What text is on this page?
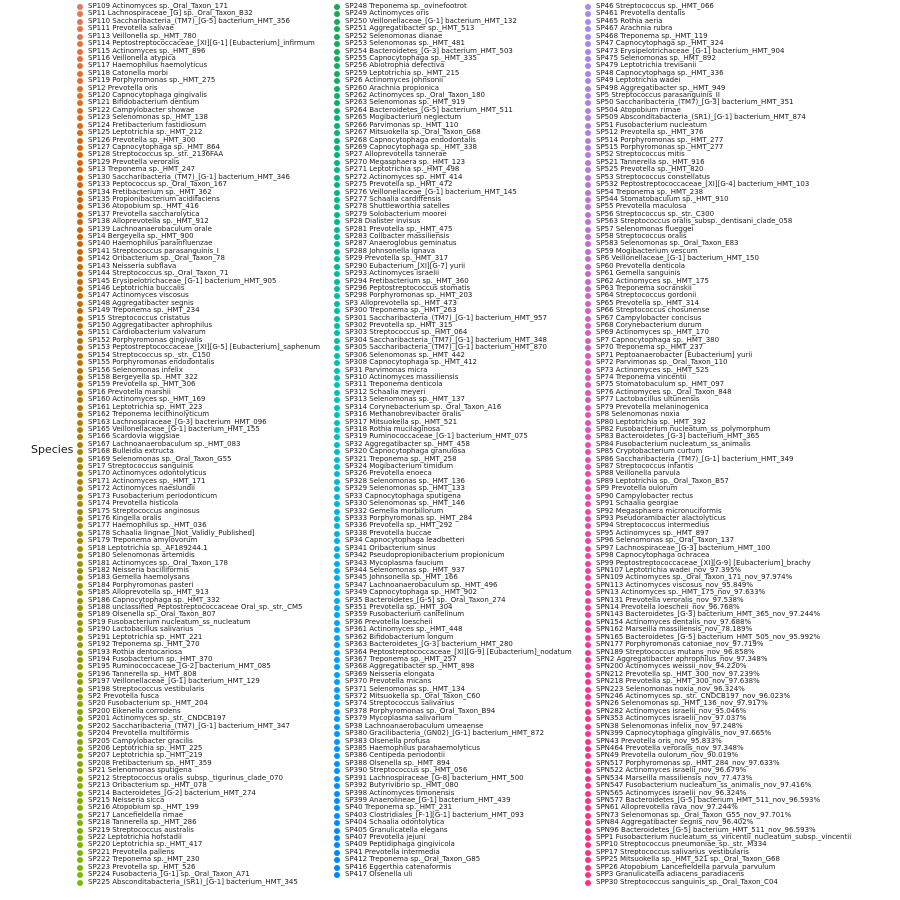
Species
SP109 Actinomyces sp._Oral_Taxon_171
SP11 Lachnospiraceae_[G] sp._Oral_Taxon_B32
SP110 Saccharibacteria_(TM7)_[G-5] bacterium_HMT_356
SP111 Prevotella salivae
SP113 Veillonella sp._HMT_780
SP114 Peptostreptococcaceae_[XI][G-1] [Eubacterium]_infirmum
SP115 Actinomyces sp._HMT_896
SP116 Veillonella atypica
SP117 Haemophilus haemolyticus
SP118 Catonella morbi
SP119 Porphyromonas sp._HMT_275
SP12 Prevotella oris
SP120 Capnocytophaga gingivalis
SP121 Bifidobacterium dentium
SP122 Campylobacter showae
SP123 Selenomonas sp._HMT_138
SP124 Fretibacterium fastidiosum
SP125 Leptotrichia sp._HMT_212
SP126 Prevotella sp._HMT_300
SP127 Capnocytophaga sp._HMT_864
SP128 Streptococcus sp._str._2136FAA
SP129 Prevotella veroralis
SP13 Treponema sp._HMT_247
SP130 Saccharibacteria_(TM7)_[G-1] bacterium_HMT_346
SP133 Peptococcus sp._Oral_Taxon_167
SP134 Fretibacterium sp._HMT_362
SP135 Propionibacterium acidifaciens
SP136 Atopobium sp._HMT_416
SP137 Prevotella saccharolytica
SP138 Alloprevotella sp._HMT_912
SP139 Lachnoanaerobaculum orale
SP14 Bergeyella sp._HMT_900
SP140 Haemophilus parainfluenzae
SP141 Streptococcus parasanguinis_I
SP142 Oribacterium sp._Oral_Taxon_78
SP143 Neisseria subflava
SP144 Streptococcus sp._Oral_Taxon_71
SP145 Erysipelotrichaceae_[G-1] bacterium_HMT_905
SP146 Leptotrichia buccalis
SP147 Actinomyces viscosus
SP148 Aggregatibacter segnis
SP149 Treponema sp._HMT_234
SP15 Streptococcus cristatus
SP150 Aggregatibacter aphrophilus
SP151 Cardiobacterium valvarum
SP152 Porphyromonas gingivalis
SP153 Peptostreptococcaceae_[XI][G-5] [Eubacterium]_saphenum
SP154 Streptococcus sp._str._C150
SP155 Porphyromonas endodontalis
SP156 Selenomonas infelix
SP158 Bergeyella sp._HMT_322
SP159 Prevotella sp._HMT_306
SP16 Prevotella marshii
SP160 Actinomyces sp._HMT_169
SP161 Leptotrichia sp._HMT_223
SP162 Treponema lecithinolyticum
SP163 Lachnospiraceae_[G-3] bacterium_HMT_096
SP165 Veillonellaceae_[G-1] bacterium_HMT_155
SP166 Scardovia wiggsiae
SP167 Lachnoanaerobaculum sp._HMT_083
SP168 Bulleidia extructa
SP169 Selenomonas sp._Oral_Taxon_G55
SP17 Streptococcus sanguinis
SP170 Actinomyces odontolyticus
SP171 Actinomyces sp._HMT_171
SP172 Actinomyces naeslundii
SP173 Fusobacterium periodonticum
SP174 Prevotella histicola
SP175 Streptococcus anginosus
SP176 Kingella oralis
SP177 Haemophilus sp._HMT_036
SP178 Schaalia lingnae_[Not_Validly_Published]
SP179 Treponema amylovorum
SP18 Leptotrichia sp._AF189244.1
SP180 Selenomonas artemidis
SP181 Actinomyces sp._Oral_Taxon_178
SP182 Neisseria bacilliformis
SP183 Gemella haemolysans
SP184 Porphyromonas pasteri
SP185 Alloprevotella sp._HMT_913
SP186 Capnocytophaga sp._HMT_332
SP188 unclassified_Peptostreptococcaceae Oral_sp._str._CM5
SP189 Olsenella sp._Oral_Taxon_807
SP19 Fusobacterium nucleatum_ss_nucleatum
SP190 Lactobacillus salivarius
SP191 Leptotrichia sp._HMT_221
SP192 Treponema sp._HMT_270
SP193 Rothia dentocariosa
SP194 Fusobacterium sp._HMT_370
SP195 Ruminococcaceae_[G-2] bacterium_HMT_085
SP196 Tannerella sp._HMT_808
SP197 Veillonellaceae_[G-1] bacterium_HMT_129
SP198 Streptococcus vestibularis
SP2 Prevotella fusca
SP20 Fusobacterium sp._HMT_204
SP200 Eikenella corrodens
SP201 Actinomyces sp._str._CNDCB197
SP202 Saccharibacteria_(TM7)_[G-1] bacterium_HMT_347
SP204 Prevotella multiformis
SP205 Campylobacter gracilis
SP206 Leptotrichia sp._HMT_225
SP207 Leptotrichia sp._HMT_219
SP208 Fretibacterium sp._HMT_359
SP21 Selenomonas sputigena
SP212 Streptococcus oralis_subsp._tigurinus_clade_070
SP213 Oribacterium sp._HMT_078
SP214 Bacteroidetes_[G-2] bacterium_HMT_274
SP215 Neisseria sicca
SP216 Atopobium sp._HMT_199
SP217 Lancefieldella rimae
SP218 Tannerella sp._HMT_286
SP219 Streptococcus australis
SP22 Leptotrichia hofstadii
SP220 Leptotrichia sp._HMT_417
SP221 Prevotella pallens
SP222 Treponema sp._HMT_230
SP223 Prevotella sp._HMT_526
SP224 Fusobacteria_[G-1] sp._Oral_Taxon_A71
SP225 Absconditabacteria_(SR1)_[G-1] bacterium_HMT_345
SP248 Treponema sp._ovinefootrot
SP249 Actinomyces oris
SP250 Veillonellaceae_[G-1] bacterium_HMT_132
SP251 Aggregatibacter sp._HMT_513
SP252 Selenomonas dianae
SP253 Selenomonas sp._HMT_481
SP254 Bacteroidetes_[G-3] bacterium_HMT_503
SP255 Capnocytophaga sp._HMT_335
SP256 Abiotrophia defectiva
SP259 Leptotrichia sp._HMT_215
SP26 Actinomyces johnsonii
SP260 Arachnia propionica
SP262 Actinomyces sp._Oral_Taxon_180
SP263 Selenomonas sp._HMT_919
SP264 Bacteroidetes_[G-5] bacterium_HMT_511
SP265 Mogibacterium neglectum
SP266 Parvimonas sp._HMT_110
SP267 Mitsuokella sp._Oral_Taxon_G68
SP268 Capnocytophaga endodontalis
SP269 Capnocytophaga sp._HMT_338
SP27 Alloprevotella tannerae
SP270 Megasphaera sp._HMT_123
SP271 Leptotrichia sp._HMT_498
SP272 Actinomyces sp._HMT_414
SP275 Prevotella sp._HMT_472
SP276 Veillonellaceae_[G-1] bacterium_HMT_145
SP277 Schaalia cardiffensis
SP278 Shuttleworthia satelles
SP279 Solobacterium moorei
SP28 Dialister invisus
SP281 Prevotella sp._HMT_475
SP283 Collbacter massiliensis
SP287 Anaeroglobus geminatus
SP288 Johnsonella ignava
SP29 Prevotella sp._HMT_317
SP290 Eubacterium_[XI][G-7] yurii
SP293 Actinomyces israelii
SP294 Fretibacterium sp._HMT_360
SP296 Peptostreptococcus stomatis
SP298 Porphyromonas sp._HMT_203
SP3 Alloprevotella sp._HMT_473
SP300 Treponema sp._HMT_263
SP301 Saccharibacteria_(TM7)_[G-1] bacterium_HMT_957
SP302 Prevotella sp._HMT_315
SP303 Streptococcus sp._HMT_064
SP304 Saccharibacteria_(TM7)_[G-1] bacterium_HMT_348
SP305 Saccharibacteria_(TM7)_[G-1] bacterium_HMT_870
SP306 Selenomonas sp._HMT_442
SP308 Capnocytophaga sp._HMT_412
SP31 Parvimonas micra
SP310 Actinomyces massiliensis
SP311 Treponema denticola
SP312 Schaalia meyeri
SP313 Selenomonas sp._HMT_137
SP314 Corynebacterium sp._Oral_Taxon_A16
SP316 Methanobrevibacter oralis
SP317 Mitsuokella sp._HMT_521
SP318 Rothia mucilaginosa
SP319 Ruminococcaceae_[G-1] bacterium_HMT_075
SP32 Aggregatibacter sp._HMT_458
SP320 Capnocytophaga granulosa
SP321 Treponema sp._HMT_258
SP324 Mogibacterium timidum
SP326 Prevotella enoeca
SP328 Selenomonas sp._HMT_136
SP329 Selenomonas sp._HMT_133
SP33 Capnocytophaga sputigena
SP330 Selenomonas sp._HMT_146
SP332 Gemella morbillorum
SP333 Porphyromonas sp._HMT_284
SP336 Prevotella sp._HMT_292
SP338 Prevotella buccae
SP34 Capnocytophaga leadbetteri
SP341 Oribacterium sinus
SP342 Pseudopropionibacterium propionicum
SP343 Mycoplasma faucium
SP344 Selenomonas sp._HMT_937
SP345 Johnsonella sp._HMT_166
SP347 Lachnoanaerobaculum sp._HMT_496
SP349 Capnocytophaga sp._HMT_902
SP35 Bacteroidetes_[G-5] sp._Oral_Taxon_274
SP351 Prevotella sp._HMT_304
SP359 Fusobacterium canifelinum
SP36 Prevotella loescheii
SP361 Actinomyces sp._HMT_448
SP362 Bifidobacterium longum
SP363 Bacteroidetes_[G-3] bacterium_HMT_280
SP364 Peptostreptococcaceae_[XI][G-9] [Eubacterium]_nodatum
SP367 Treponema sp._HMT_257
SP368 Aggregatibacter sp._HMT_898
SP369 Neisseria elongata
SP370 Prevotella micans
SP371 Selenomonas sp._HMT_134
SP372 Mitsuokella sp._Oral_Taxon_C60
SP374 Streptococcus salivarius
SP378 Porphyromonas sp._Oral_Taxon_B94
SP379 Mycoplasma salivarium
SP38 Lachnoanaerobaculum umeaense
SP380 Gracilibacteria_(GN02)_[G-1] bacterium_HMT_872
SP383 Olsenella profusa
SP385 Haemophilus parahaemolyticus
SP386 Centipeda periodontii
SP388 Olsenella sp._HMT_894
SP390 Streptococcus sp._HMT_056
SP391 Lachnospiraceae_[G-8] bacterium_HMT_500
SP392 Butyrivibrio sp._HMT_080
SP398 Actinomyces timonensis
SP399 Anaerolineae_[G-1] bacterium_HMT_439
SP40 Treponema sp._HMT_231
SP403 Clostridiales_[F-1][G-1] bacterium_HMT_093
SP404 Schaalia odontolytica
SP405 Granulicatella elegans
SP407 Prevotella jejuni
SP409 Peptidiphaga gingivicola
SP41 Prevotella intermedia
SP412 Treponema sp._Oral_Taxon_G85
SP416 Eggerthia catenaformis
SP417 Olsenella uli
SP46 Streptococcus sp._HMT_066
SP461 Prevotella dentalis
SP465 Rothia aeria
SP467 Arachnia rubra
SP468 Treponema sp._HMT_119
SP47 Capnocytophaga sp._HMT_324
SP473 Erysipelotrichaceae_[G-1] bacterium_HMT_904
SP475 Selenomonas sp._HMT_892
SP479 Leptotrichia trevisanii
SP48 Capnocytophaga sp._HMT_336
SP49 Leptotrichia wadei
SP498 Aggregatibacter sp._HMT_949
SP5 Streptococcus parasanguinis_II
SP50 Saccharibacteria_(TM7)_[G-3] bacterium_HMT_351
SP504 Atopobium rimae
SP509 Absconditabacteria_(SR1)_[G-1] bacterium_HMT_874
SP51 Fusobacterium nucleatum
SP512 Prevotella sp._HMT_376
SP514 Porphyromonas sp._HMT_277
SP515 Porphyromonas sp._HMT_277
SP52 Streptococcus mitis
SP521 Tannerella sp._HMT_916
SP525 Prevotella sp._HMT_820
SP53 Streptococcus constellatus
SP532 Peptostreptococcaceae_[XI][G-4] bacterium_HMT_103
SP54 Treponema sp._HMT_238
SP544 Stomatobaculum sp._HMT_910
SP55 Prevotella maculosa
SP56 Streptococcus sp._str._C300
SP563 Streptococcus oralis_subsp._dentisani_clade_058
SP57 Selenomonas flueggei
SP58 Streptococcus oralis
SP583 Selenomonas sp._Oral_Taxon_E83
SP59 Mogibacterium vescum
SP6 Veillonellaceae_[G-1] bacterium_HMT_150
SP60 Prevotella denticola
SP61 Gemella sanguinis
SP62 Actinomyces sp._HMT_175
SP63 Treponema socranskii
SP64 Streptococcus gordonii
SP65 Prevotella sp._HMT_314
SP66 Streptococcus chosunense
SP67 Campylobacter concisus
SP68 Corynebacterium durum
SP69 Actinomyces sp._HMT_170
SP7 Capnocytophaga sp._HMT_380
SP70 Treponema sp._HMT_237
SP71 Peptoanaerobacter [Eubacterium] yurii
SP72 Parvimonas sp._Oral_Taxon_110
SP73 Actinomyces sp._HMT_525
SP74 Treponema vincentii
SP75 Stomatobaculum sp._HMT_097
SP76 Actinomyces sp._Oral_Taxon_848
SP77 Lactobacillus ultunensis
SP79 Prevotella melaninogenica
SP8 Selenomonas noxia
SP80 Leptotrichia sp._HMT_392
SP82 Fusobacterium nucleatum_ss_polymorphum
SP83 Bacteroidetes_[G-3] bacterium_HMT_365
SP84 Fusobacterium nucleatum_ss_animalis
SP85 Cryptobacterium curtum
SP86 Saccharibacteria_(TM7)_[G-1] bacterium_HMT_349
SP87 Streptococcus infantis
SP88 Veillonella parvula
SP89 Leptotrichia sp._Oral_Taxon_B57
SP9 Prevotella oulorum
SP90 Campylobacter rectus
SP91 Schaalia georgiae
SP92 Megasphaera micronuciformis
SP93 Pseudoramibacter alactolyticus
SP94 Streptococcus intermedius
SP95 Actinomyces sp._HMT_897
SP96 Selenomonas sp._Oral_Taxon_137
SP97 Lachnospiraceae_[G-3] bacterium_HMT_100
SP98 Capnocytophaga ochracea
SP99 Peptostreptococcaceae_[XI][G-9] [Eubacterium]_brachy
SPN107 Leptotrichia wadei_nov_97.395%
SPN109 Actinomyces sp._Oral_Taxon_171_nov_97.974%
SPN113 Actinomyces viscosus_nov_95.849%
SPN13 Actinomyces sp._HMT_175_nov_97.633%
SPN131 Prevotella veroralis_nov_97.538%
SPN14 Prevotella loescheii_nov_96.768%
SPN143 Bacteroidetes_[G-3] bacterium_HMT_365_nov_97.244%
SPN154 Actinomyces dentalis_nov_97.688%
SPN162 Marseilla massiliensis_nov_78.189%
SPN165 Bacteroidetes_[G-5] bacterium_HMT_505_nov_95.992%
SPN177 Porphyromonas catoniae_nov_97.719%
SPN189 Streptococcus mutans_nov_96.858%
SPN2 Aggregatibacter aphrophilus_nov_97.348%
SPN200 Actinomyces weissii_nov_94.220%
SPN212 Prevotella sp._HMT_300_nov_97.239%
SPN218 Prevotella sp._HMT_300_nov_97.638%
SPN223 Selenomonas noxia_nov_96.324%
SPN246 Actinomyces sp._str._CNDCB197_nov_96.023%
SPN26 Selenomonas sp._HMT_136_nov_97.917%
SPN282 Actinomyces israelii_nov_95.046%
SPN353 Actinomyces israelii_nov_97.037%
SPN38 Selenomonas infelix_nov_97.248%
SPN399 Capnocytophaga gingivalis_nov_97.665%
SPN43 Prevotella oris_nov_95.833%
SPN464 Prevotella veroralis_nov_97.348%
SPN49 Prevotella oulorum_nov_90.019%
SPN517 Porphyromonas sp._HMT_284_nov_97.633%
SPN522 Actinomyces israelii_nov_96.679%
SPN534 Marseilla massiliensis_nov_77.473%
SPN547 Fusobacterium nucleatum_ss_animalis_nov_97.416%
SPN565 Actinomyces israelii_nov_96.324%
SPN577 Bacteroidetes_[G-5] bacterium_HMT_511_nov_96.593%
SPN61 Alloprevotella rava_nov_97.244%
SPN73 Selenomonas sp._Oral_Taxon_G55_nov_97.701%
SPN84 Aggregatibacter segnis_nov_96.402%
SPN96 Bacteroidetes_[G-5] bacterium_HMT_511_nov_96.593%
SPP1 Fusobacterium nucleatum_ss_vincentii_nucleatum_subsp._vincentii
SPP10 Streptococcus pneumoniae_sp._str._M334
SPP17 Streptococcus salivarius_vestibularis
SPP25 Mitsuokella sp._HMT_521 sp._Oral_Taxon_G68
SPP26 Atopobium_Lancefieldella parvula_parvulum
SPP3 Granulicatella adiacens_paradiacens
SPP30 Streptococcus sanguinis_sp._Oral_Taxon_C04
